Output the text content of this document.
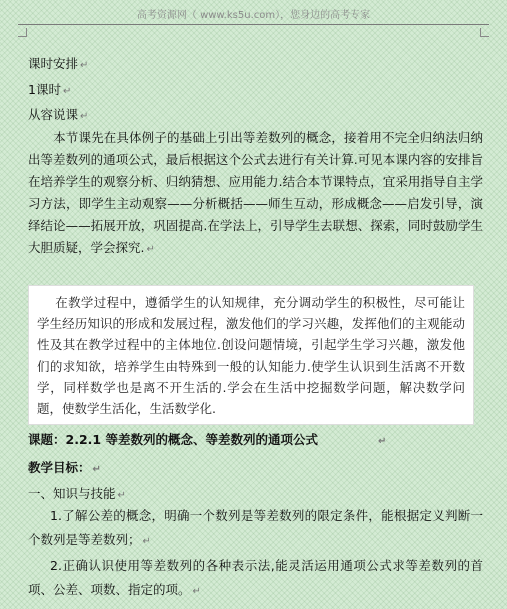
高考资源网（ www.ks5u.com），您身边的高考专家
课时安排 ↵
1课时 ↵
从容说课 ↵
本节课先在具体例子的基础上引出等差数列的概念，接着用不完全归纳法归纳出等差数列的通项公式，最后根据这个公式去进行有关计算.可见本课内容的安排旨在培养学生的观察分析、归纳猜想、应用能力.结合本节课特点，宜采用指导自主学习方法，即学生主动观察——分析概括——师生互动，形成概念——启发引导，演绎结论——拓展开放，巩固提高.在学法上，引导学生去联想、探索，同时鼓励学生大胆质疑，学会探究. ↵
在教学过程中，遵循学生的认知规律，充分调动学生的积极性，尽可能让学生经历知识的形成和发展过程，激发他们的学习兴趣，发挥他们的主观能动性及其在教学过程中的主体地位.创设问题情境，引起学生学习兴趣，激发他们的求知欲，培养学生由特殊到一般的认知能力.使学生认识到生活离不开数学，同样数学也是离不开生活的.学会在生活中挖掘数学问题，解决数学问题，使数学生活化，生活数学化.
课题：2.2.1 等差数列的概念、等差数列的通项公式	↵
教学目标： ↵
一、知识与技能 ↵
1.了解公差的概念，明确一个数列是等差数列的限定条件，能根据定义判断一个数列是等差数列； ↵
2.正确认识使用等差数列的各种表示法,能灵活运用通项公式求等差数列的首项、公差、项数、指定的项。 ↵
